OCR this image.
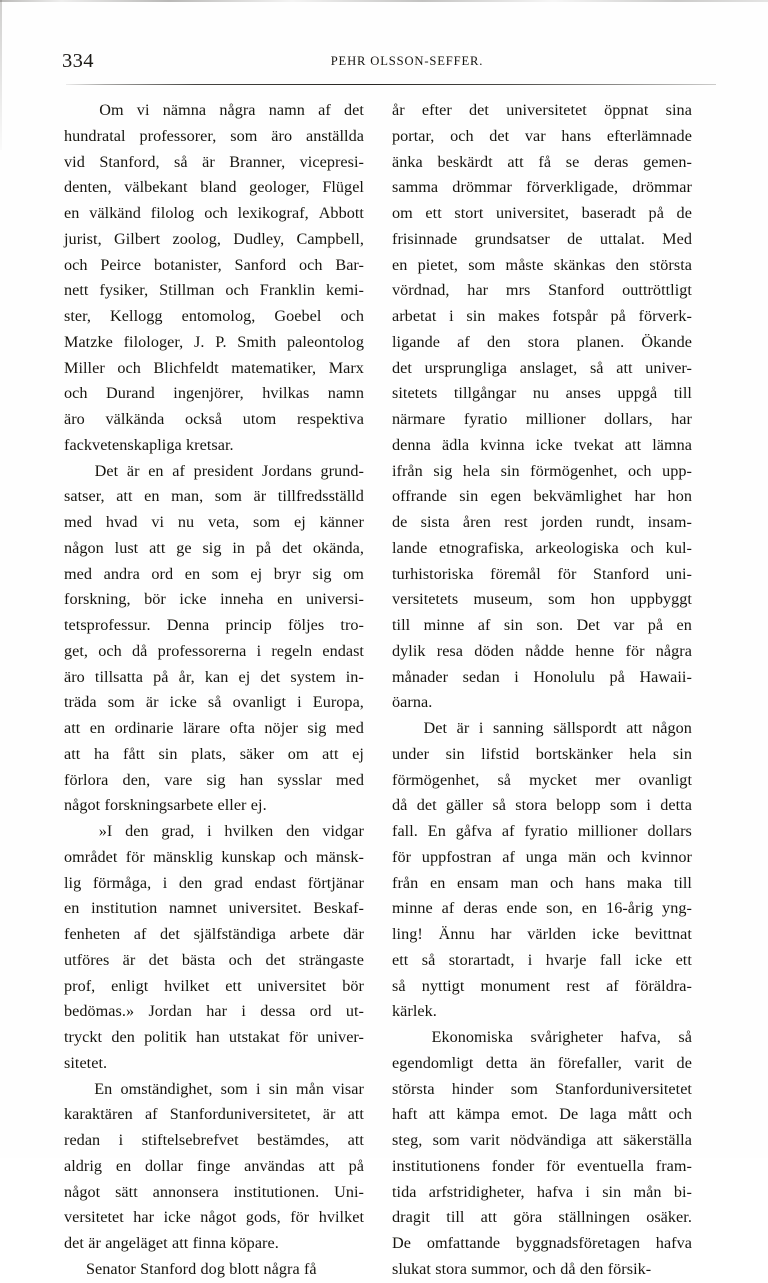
334	PEHR OLSSON-SEFFER.

Om vi nämna några namn af det
hundratal professorer, som äro anställda
vid Stanford, så är Branner, vicepresi-
denten, välbekant bland geologer, Flügel
en välkänd filolog och lexikograf, Abbott
jurist, Gilbert zoolog, Dudley, Campbell,
och Peirce botanister, Sanford och Bar-
nett fysiker, Stillman och Franklin kemi-
ster, Kellogg entomolog, Goebel och
Matzke filologer, J. P. Smith paleontolog
Miller och Blichfeldt matematiker, Marx
och Durand ingenjörer, hvilkas namn
äro välkända också utom respektiva
fackvetenskapliga kretsar.

Det är en af president Jordans grund-
satser, att en man, som är tillfredsställd
med hvad vi nu veta, som ej känner
någon lust att ge sig in på det okända,
med andra ord en som ej bryr sig om
forskning, bör icke inneha en universi-
tetsprofessur. Denna princip följes tro-
get, och då professorerna i regeln endast
äro tillsatta på år, kan ej det system in-
träda som är icke så ovanligt i Europa,
att en ordinarie lärare ofta nöjer sig med
att ha fått sin plats, säker om att ej
förlora den, vare sig han sysslar med
något forskningsarbete eller ej.

»I den grad, i hvilken den vidgar
området för mänsklig kunskap och mänsk-
lig förmåga, i den grad endast förtjänar
en institution namnet universitet. Beskaf-
fenheten af det själfständiga arbete där
utföres är det bästa och det strängaste
prof, enligt hvilket ett universitet bör
bedömas.» Jordan har i dessa ord ut-
tryckt den politik han utstakat för univer-
sitetet.

En omständighet, som i sin mån visar
karaktären af Stanforduniversitetet, är att
redan i stiftelsebrefvet bestämdes, att
aldrig en dollar finge användas att på
något sätt annonsera institutionen. Uni-
versitetet har icke något gods, för hvilket
det är angeläget att finna köpare.

Senator Stanford dog blott några få

år efter det universitetet öppnat sina
portar, och det var hans efterlämnade
änka beskärdt att få se deras gemen-
samma drömmar förverkligade, drömmar
om ett stort universitet, baseradt på de
frisinnade grundsatser de uttalat. Med
en pietet, som måste skänkas den största
vördnad, har mrs Stanford outtröttligt
arbetat i sin makes fotspår på förverk-
ligande af den stora planen. Ökande
det ursprungliga anslaget, så att univer-
sitetets tillgångar nu anses uppgå till
närmare fyratio millioner dollars, har
denna ädla kvinna icke tvekat att lämna
ifrån sig hela sin förmögenhet, och upp-
offrande sin egen bekvämlighet har hon
de sista åren rest jorden rundt, insam-
lande etnografiska, arkeologiska och kul-
turhistoriska föremål för Stanford uni-
versitetets museum, som hon uppbyggt
till minne af sin son. Det var på en
dylik resa döden nådde henne för några
månader sedan i Honolulu på Hawaii-
öarna.

Det är i sanning sällspordt att någon
under sin lifstid bortskänker hela sin
förmögenhet, så mycket mer ovanligt
då det gäller så stora belopp som i detta
fall. En gåfva af fyratio millioner dollars
för uppfostran af unga män och kvinnor
från en ensam man och hans maka till
minne af deras ende son, en 16-årig yng-
ling! Ännu har världen icke bevittnat
ett så storartadt, i hvarje fall icke ett
så nyttigt monument rest af föräldra-
kärlek.

Ekonomiska svårigheter hafva, så
egendomligt detta än förefaller, varit de
största hinder som Stanforduniversitetet
haft att kämpa emot. De laga mått och
steg, som varit nödvändiga att säkerställa
institutionens fonder för eventuella fram-
tida arfstridigheter, hafva i sin mån bi-
dragit till att göra ställningen osäker.
De omfattande byggnadsföretagen hafva
slukat stora summor, och då den försik-
